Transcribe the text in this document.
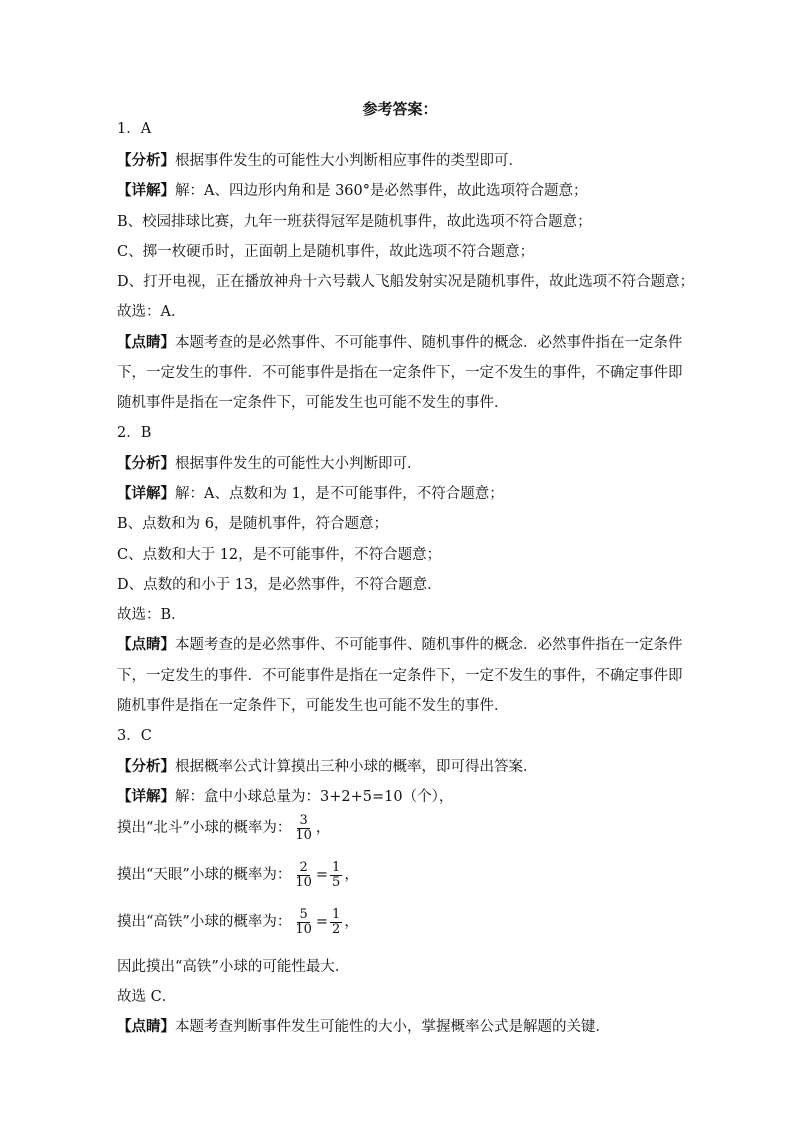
参考答案：
1．A
【分析】根据事件发生的可能性大小判断相应事件的类型即可．
【详解】解：A、四边形内角和是 360°是必然事件，故此选项符合题意；
B、校园排球比赛，九年一班获得冠军是随机事件，故此选项不符合题意；
C、掷一枚硬币时，正面朝上是随机事件，故此选项不符合题意；
D、打开电视，正在播放神舟十六号载人飞船发射实况是随机事件，故此选项不符合题意；
故选：A．
【点睛】本题考查的是必然事件、不可能事件、随机事件的概念．必然事件指在一定条件
下，一定发生的事件．不可能事件是指在一定条件下，一定不发生的事件，不确定事件即
随机事件是指在一定条件下，可能发生也可能不发生的事件．
2．B
【分析】根据事件发生的可能性大小判断即可．
【详解】解：A、点数和为 1，是不可能事件，不符合题意；
B、点数和为 6，是随机事件，符合题意；
C、点数和大于 12，是不可能事件，不符合题意；
D、点数的和小于 13，是必然事件，不符合题意．
故选：B．
【点睛】本题考查的是必然事件、不可能事件、随机事件的概念．必然事件指在一定条件
下，一定发生的事件．不可能事件是指在一定条件下，一定不发生的事件，不确定事件即
随机事件是指在一定条件下，可能发生也可能不发生的事件．
3．C
【分析】根据概率公式计算摸出三种小球的概率，即可得出答案．
【详解】解：盒中小球总量为：3+2+5=10（个），
摸出“北斗”小球的概率为： $\frac{3}{10}$ ，
摸出“天眼”小球的概率为： $\frac{2}{10} = \frac{1}{5}$ ，
摸出“高铁”小球的概率为： $\frac{5}{10} = \frac{1}{2}$ ，
因此摸出“高铁”小球的可能性最大．
故选 C．
【点睛】本题考查判断事件发生可能性的大小，掌握概率公式是解题的关键．
